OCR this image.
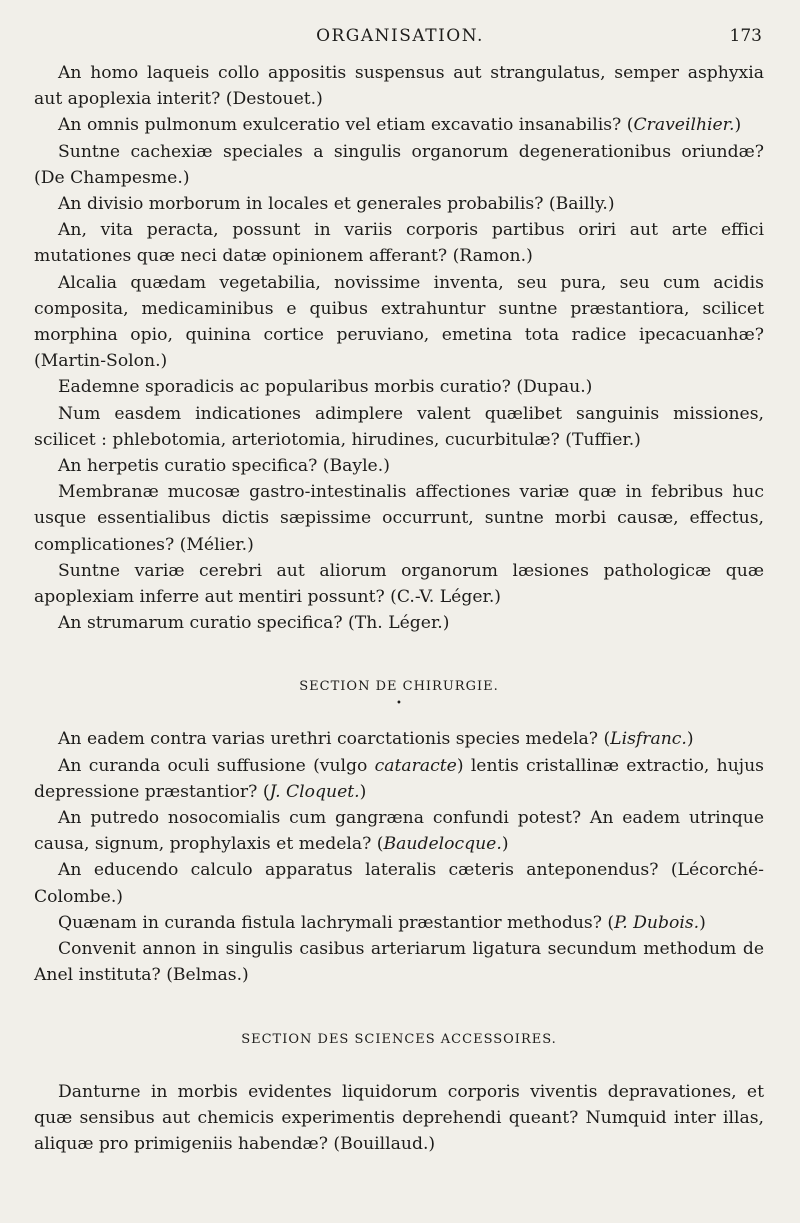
ORGANISATION.	173

An homo laqueis collo appositis suspensus aut strangulatus, semper asphyxia aut apoplexia interit? (Destouet.)

An omnis pulmonum exulceratio vel etiam excavatio insanabilis? (Craveilhier.)

Suntne cachexiæ speciales a singulis organorum degenerationibus oriundæ? (De Champesme.)

An divisio morborum in locales et generales probabilis? (Bailly.)

An, vita peracta, possunt in variis corporis partibus oriri aut arte effici mutationes quæ neci datæ opinionem afferant? (Ramon.)

Alcalia quædam vegetabilia, novissime inventa, seu pura, seu cum acidis composita, medicaminibus e quibus extrahuntur suntne præstantiora, scilicet morphina opio, quinina cortice peruviano, emetina tota radice ipecacuanhæ? (Martin-Solon.)

Eademne sporadicis ac popularibus morbis curatio? (Dupau.)

Num easdem indicationes adimplere valent quælibet sanguinis missiones, scilicet : phlebotomia, arteriotomia, hirudines, cucurbitulæ? (Tuffier.)

An herpetis curatio specifica? (Bayle.)

Membranæ mucosæ gastro-intestinalis affectiones variæ quæ in febribus huc usque essentialibus dictis sæpissime occurrunt, suntne morbi causæ, effectus, complicationes? (Mélier.)

Suntne variæ cerebri aut aliorum organorum læsiones pathologicæ quæ apoplexiam inferre aut mentiri possunt? (C.-V. Léger.)

An strumarum curatio specifica? (Th. Léger.)

SECTION DE CHIRURGIE.
•

An eadem contra varias urethri coarctationis species medela? (Lisfranc.)

An curanda oculi suffusione (vulgo cataracte) lentis cristallinæ extractio, hujus depressione præstantior? (J. Cloquet.)

An putredo nosocomialis cum gangræna confundi potest? An eadem utrinque causa, signum, prophylaxis et medela? (Baudelocque.)

An educendo calculo apparatus lateralis cæteris anteponendus? (Lécorché-Colombe.)

Quænam in curanda fistula lachrymali præstantior methodus? (P. Dubois.)

Convenit annon in singulis casibus arteriarum ligatura secundum methodum de Anel instituta? (Belmas.)

SECTION DES SCIENCES ACCESSOIRES.

Danturne in morbis evidentes liquidorum corporis viventis depravationes, et quæ sensibus aut chemicis experimentis deprehendi queant? Numquid inter illas, aliquæ pro primigeniis habendæ? (Bouillaud.)
